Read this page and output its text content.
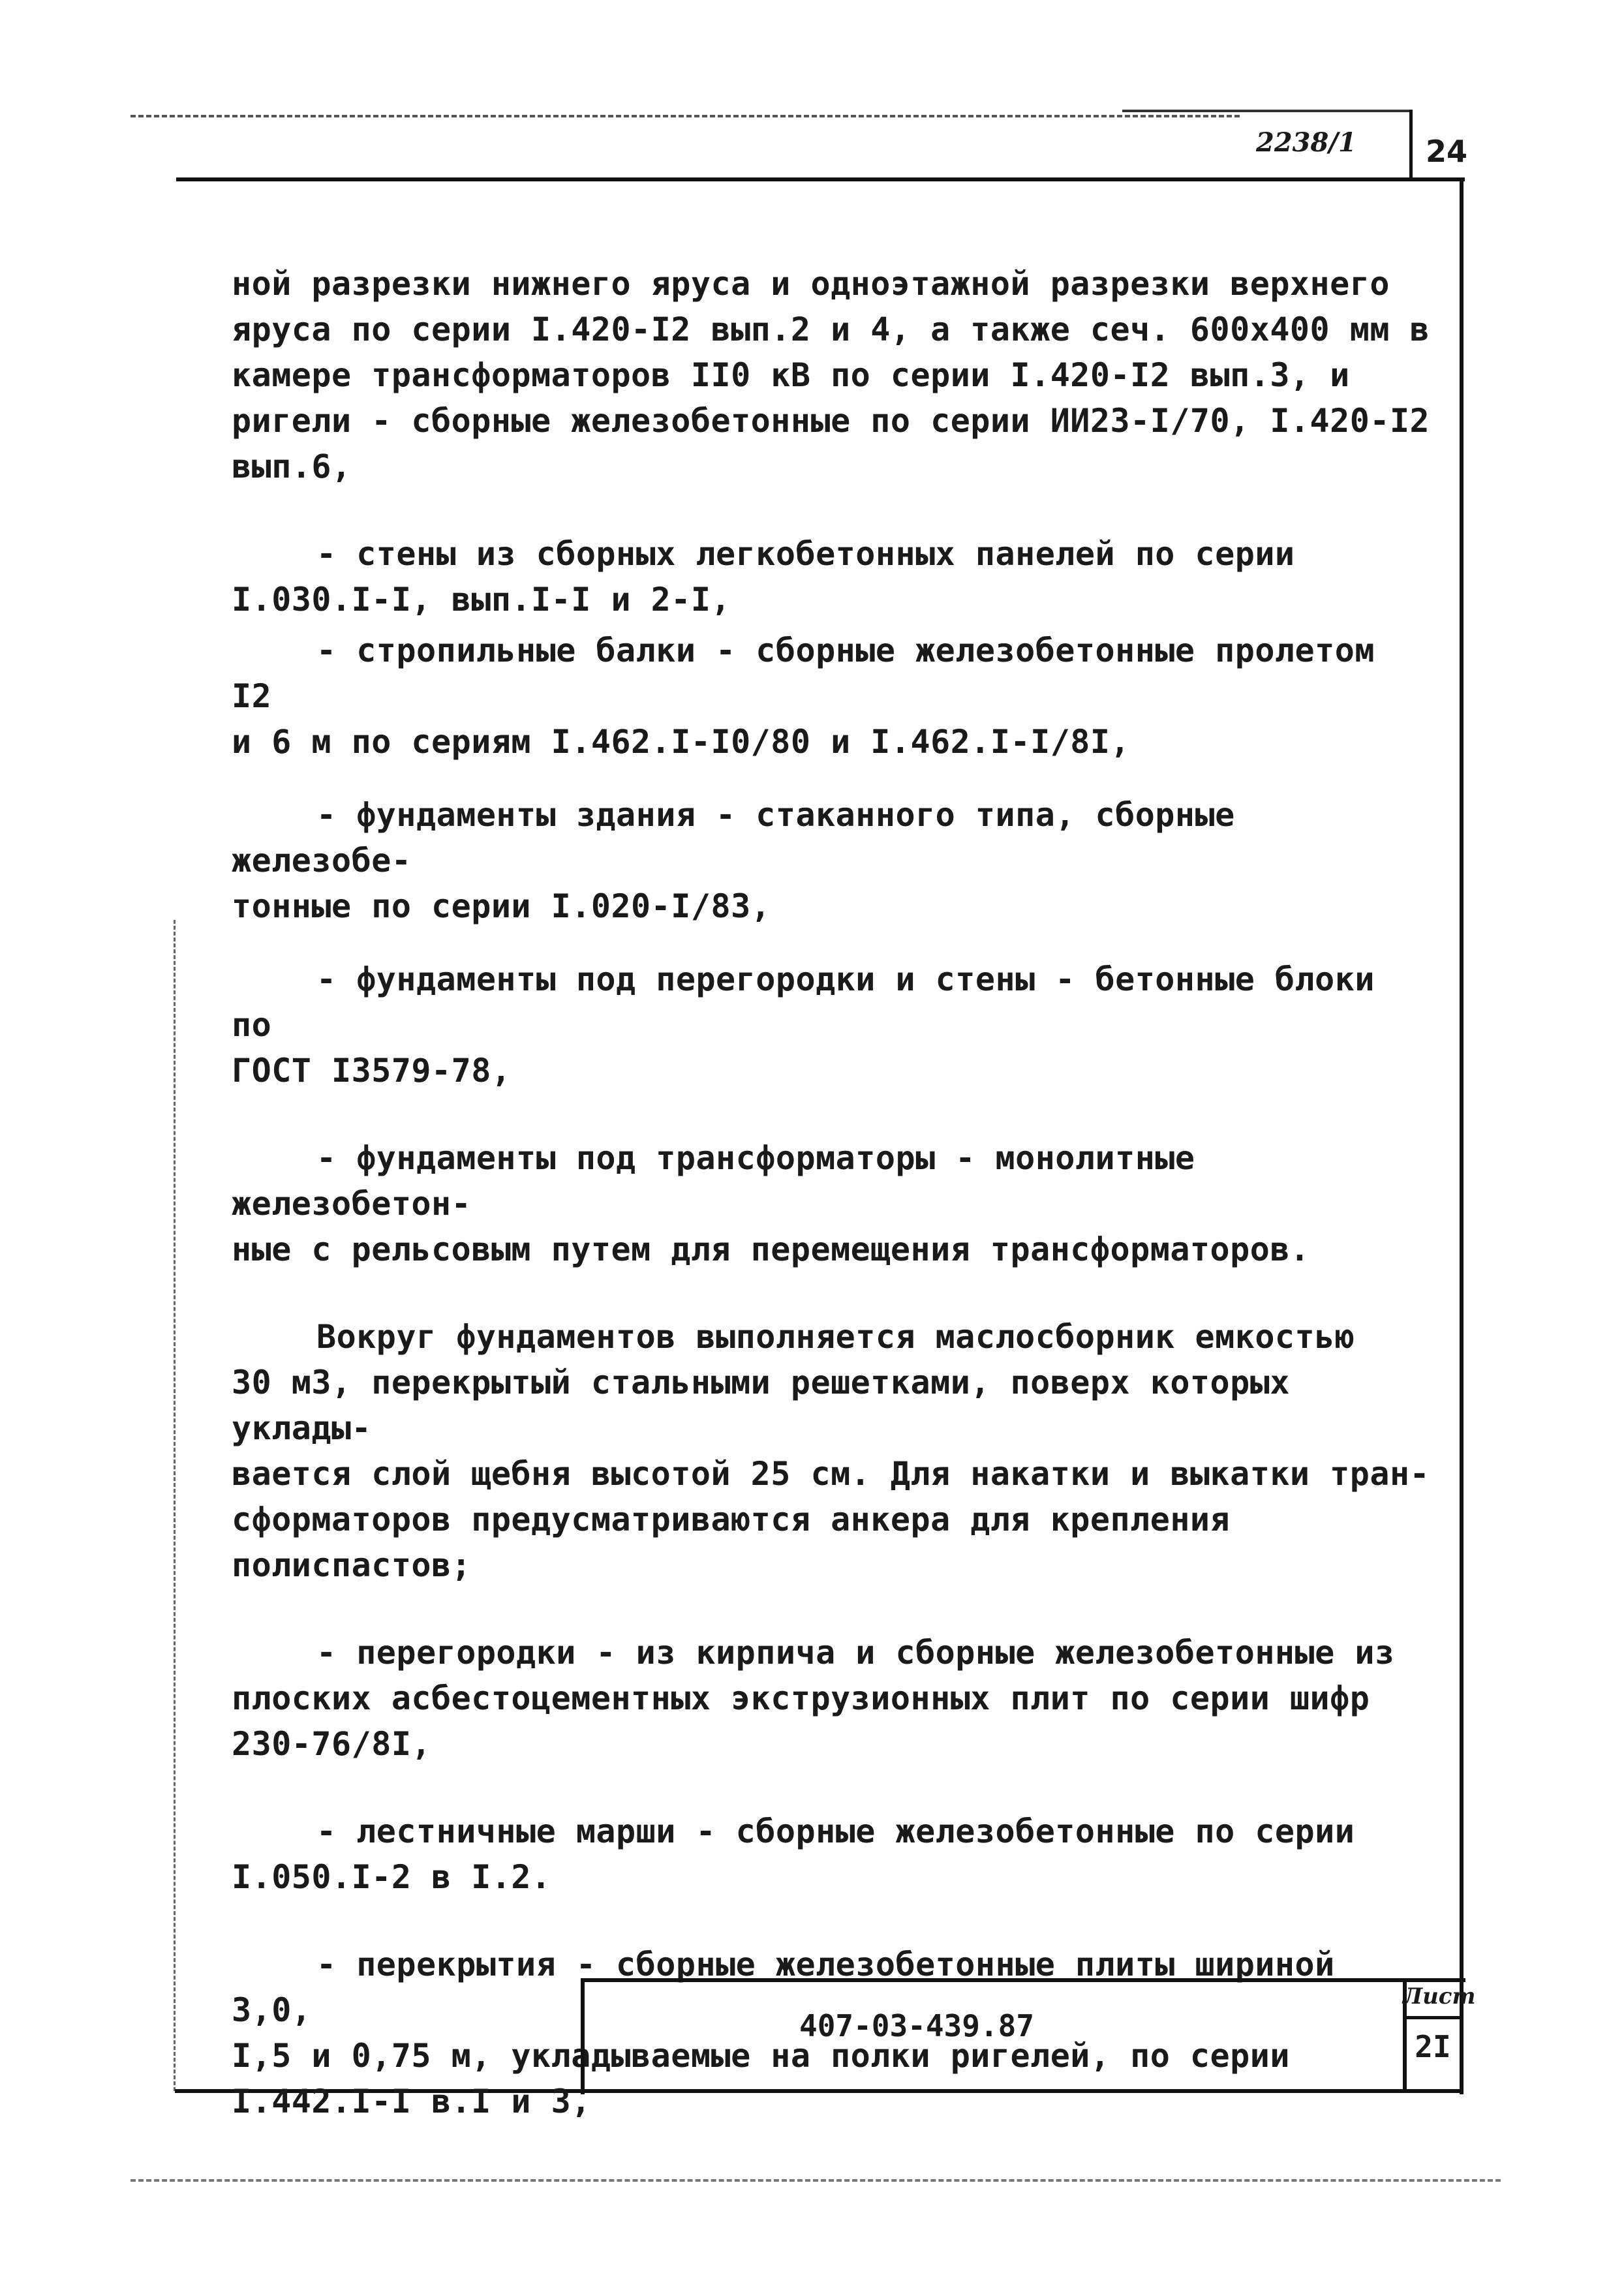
2238/1 24

ной разрезки нижнего яруса и одноэтажной разрезки верхнего
яруса по серии I.420-I2 вып.2 и 4, а также сеч. 600х400 мм в
камере трансформаторов II0 кВ по серии I.420-I2 вып.3, и
ригели - сборные железобетонные по серии ИИ23-I/70, I.420-I2
вып.6,

- стены из сборных легкобетонных панелей по серии
I.030.I-I, вып.I-I и 2-I,

- стропильные балки - сборные железобетонные пролетом I2
и 6 м по сериям I.462.I-I0/80 и I.462.I-I/8I,

- фундаменты здания - стаканного типа, сборные железобе-
тонные по серии I.020-I/83,

- фундаменты под перегородки и стены - бетонные блоки по
ГОСТ I3579-78,

- фундаменты под трансформаторы - монолитные железобетон-
ные с рельсовым путем для перемещения трансформаторов.

Вокруг фундаментов выполняется маслосборник емкостью
30 м3, перекрытый стальными решетками, поверх которых уклады-
вается слой щебня высотой 25 см. Для накатки и выкатки тран-
сформаторов предусматриваются анкера для крепления полиспастов;

- перегородки - из кирпича и сборные железобетонные из
плоских асбестоцементных экструзионных плит по серии шифр
230-76/8I,

- лестничные марши - сборные железобетонные по серии
I.050.I-2 в I.2.

- перекрытия - сборные железобетонные плиты шириной 3,0,
I,5 и 0,75 м, укладываемые на полки ригелей, по серии
I.442.I-I в.I и 3,

407-03-439.87
Лист
2I
